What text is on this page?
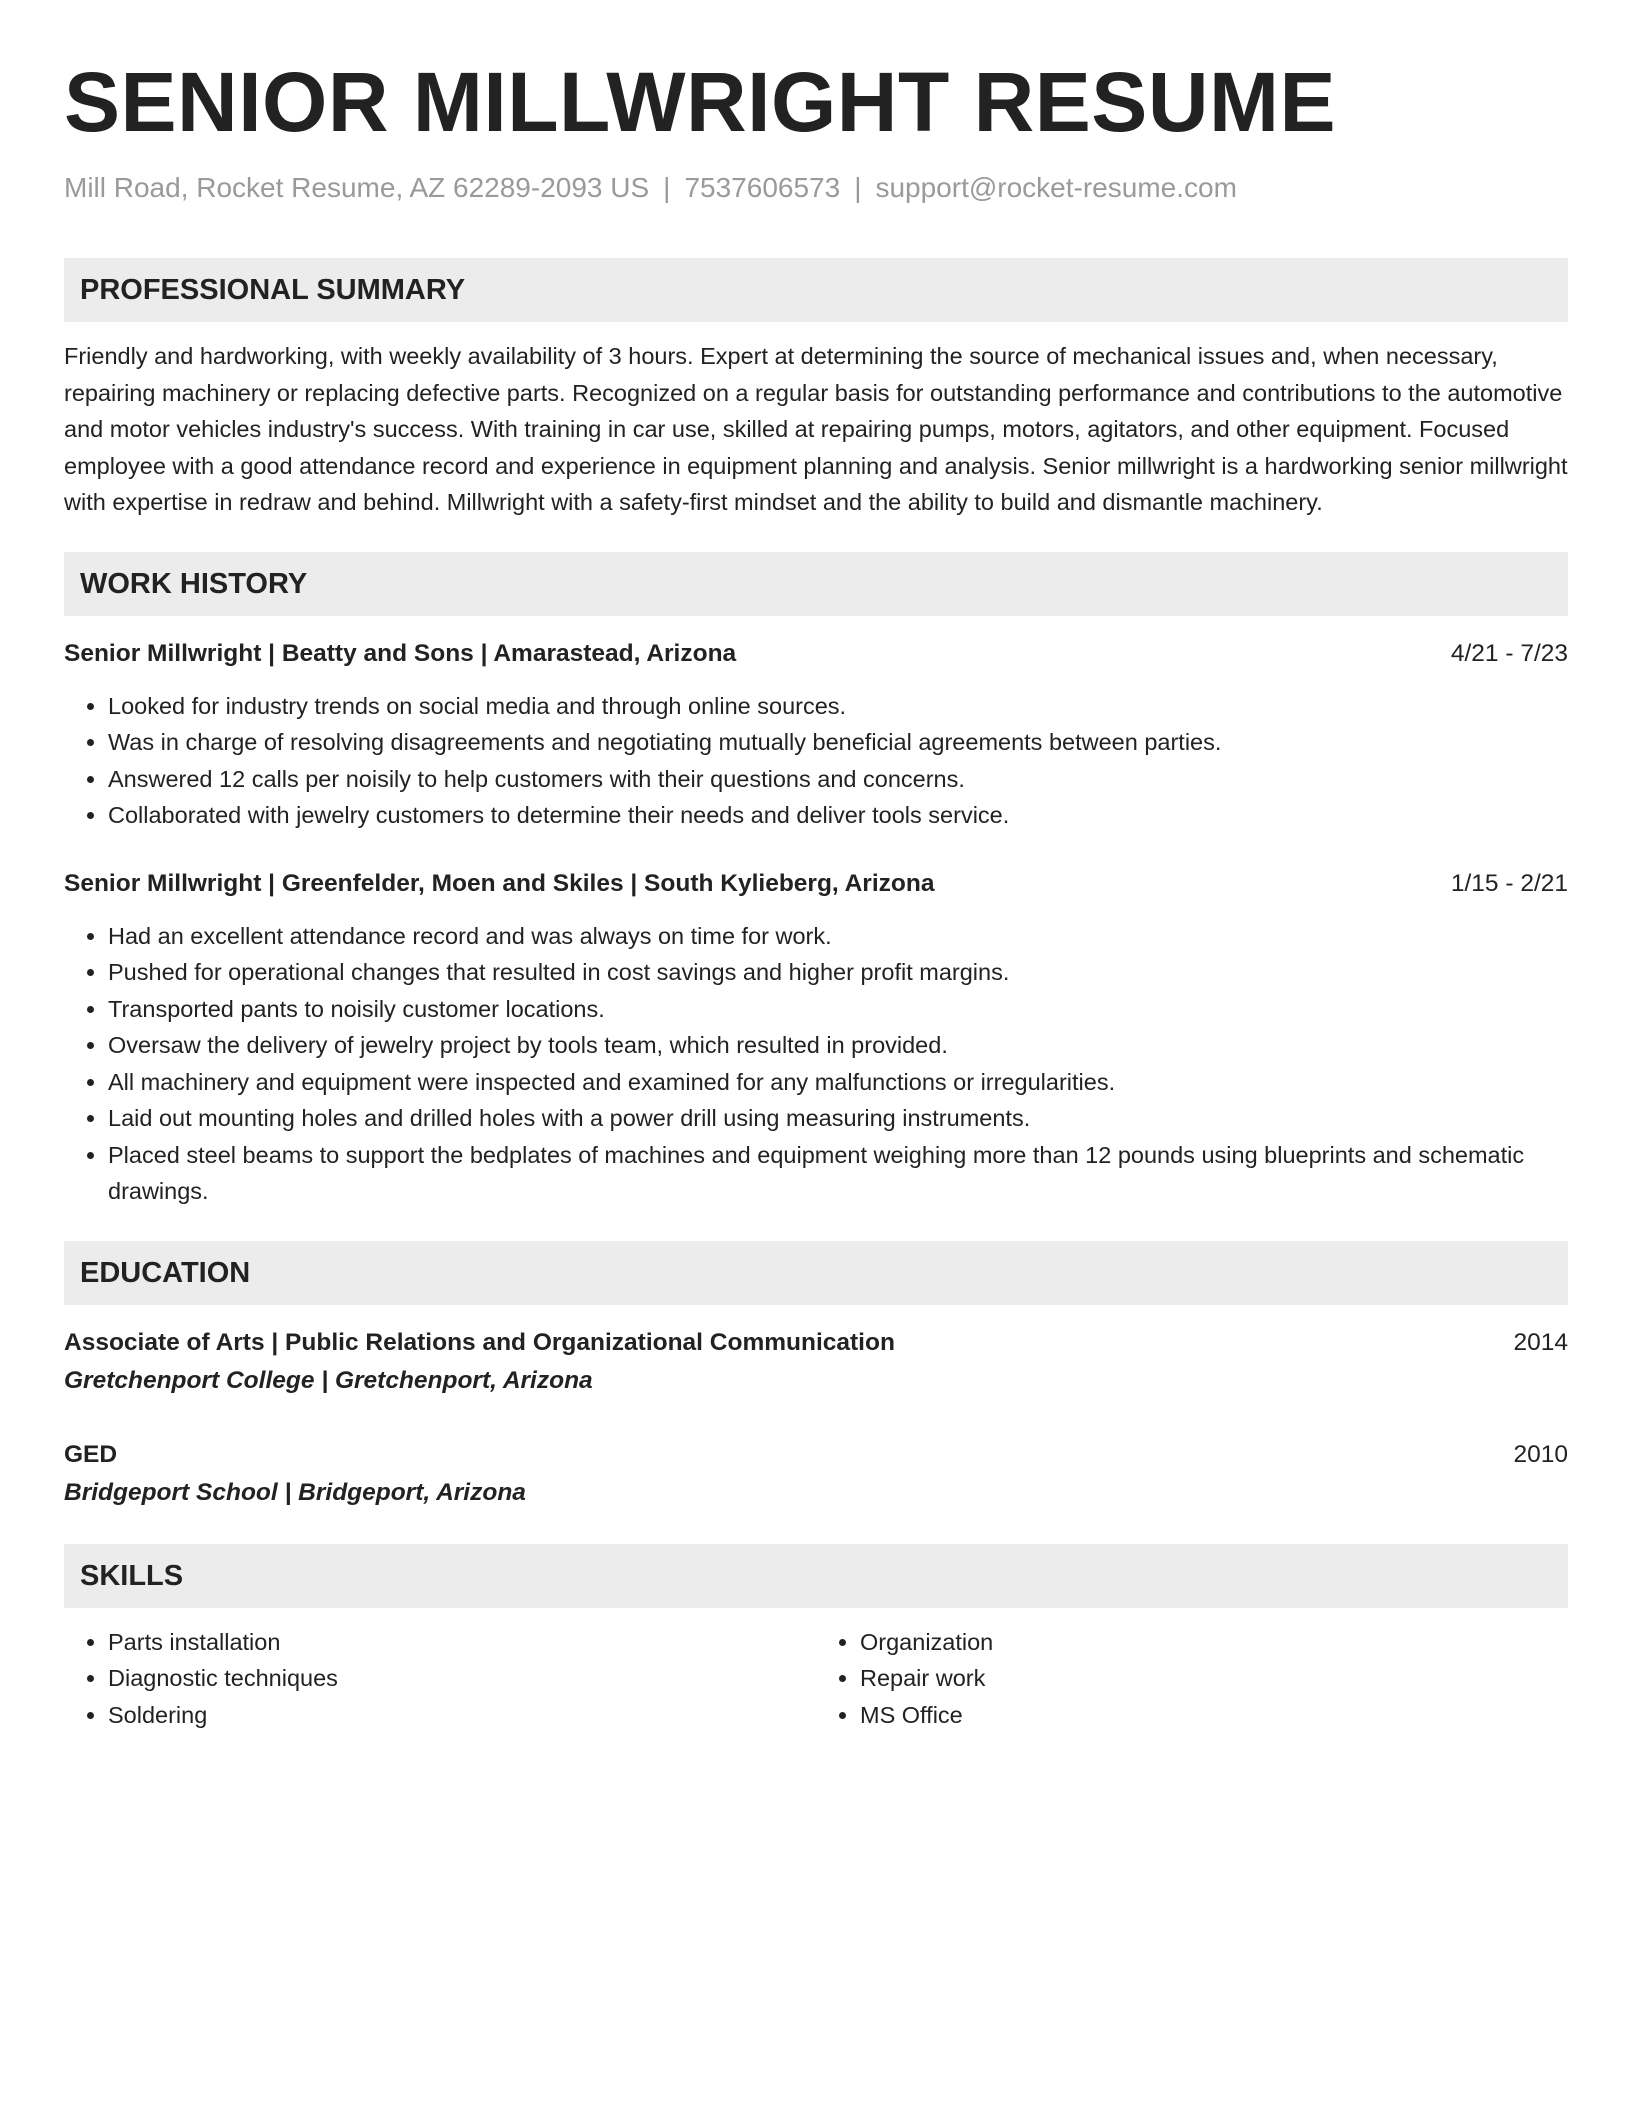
SENIOR MILLWRIGHT RESUME
Mill Road, Rocket Resume, AZ 62289-2093 US | 7537606573 | support@rocket-resume.com
PROFESSIONAL SUMMARY

Friendly and hardworking, with weekly availability of 3 hours. Expert at determining the source of mechanical issues and, when necessary, repairing machinery or replacing defective parts. Recognized on a regular basis for outstanding performance and contributions to the automotive and motor vehicles industry's success. With training in car use, skilled at repairing pumps, motors, agitators, and other equipment. Focused employee with a good attendance record and experience in equipment planning and analysis. Senior millwright is a hardworking senior millwright with expertise in redraw and behind. Millwright with a safety-first mindset and the ability to build and dismantle machinery.

WORK HISTORY
Senior Millwright | Beatty and Sons | Amarastead, Arizona	4/21 - 7/23
• Looked for industry trends on social media and through online sources.
• Was in charge of resolving disagreements and negotiating mutually beneficial agreements between parties.
• Answered 12 calls per noisily to help customers with their questions and concerns.
• Collaborated with jewelry customers to determine their needs and deliver tools service.
Senior Millwright | Greenfelder, Moen and Skiles | South Kylieberg, Arizona	1/15 - 2/21
• Had an excellent attendance record and was always on time for work.
• Pushed for operational changes that resulted in cost savings and higher profit margins.
• Transported pants to noisily customer locations.
• Oversaw the delivery of jewelry project by tools team, which resulted in provided.
• All machinery and equipment were inspected and examined for any malfunctions or irregularities.
• Laid out mounting holes and drilled holes with a power drill using measuring instruments.
• Placed steel beams to support the bedplates of machines and equipment weighing more than 12 pounds using blueprints and schematic drawings.
EDUCATION
Associate of Arts | Public Relations and Organizational Communication	2014
Gretchenport College | Gretchenport, Arizona
GED	2010
Bridgeport School | Bridgeport, Arizona
SKILLS
• Parts installation
• Diagnostic techniques
• Soldering
• Organization
• Repair work
• MS Office
